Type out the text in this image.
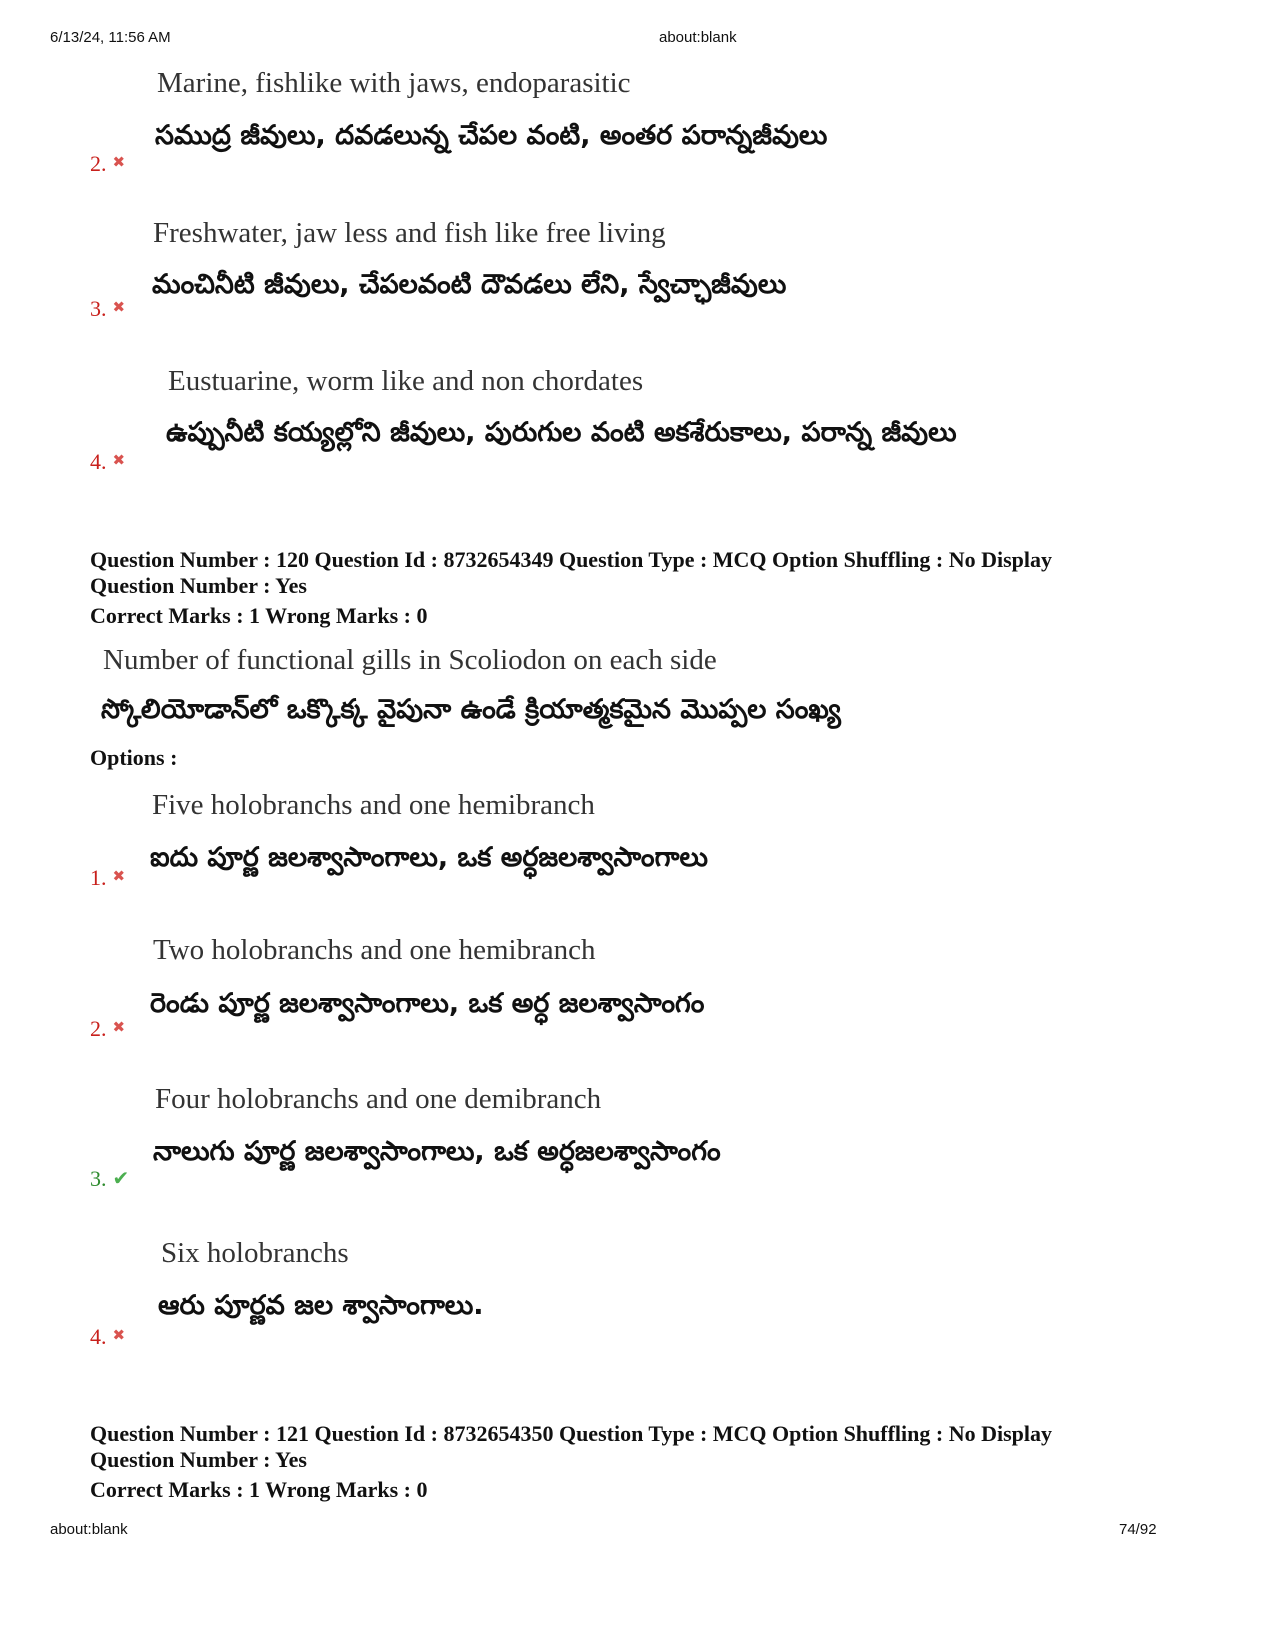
6/13/24, 11:56 AM	about:blank
Marine, fishlike with jaws, endoparasitic
సముద్ర జీవులు, దవడలున్న చేపల వంటి, అంతర పరాన్నజీవులు
2. ✖
Freshwater, jaw less and fish like free living
మంచినీటి జీవులు, చేపలవంటి దౌవడలు లేని, స్వేచ్ఛాజీవులు
3. ✖
Eustuarine, worm like and non chordates
ఉప్పునీటి కయ్యల్లోని జీవులు, పురుగుల వంటి అకశేరుకాలు, పరాన్న జీవులు
4. ✖
Question Number : 120 Question Id : 8732654349 Question Type : MCQ Option Shuffling : No Display
Question Number : Yes
Correct Marks : 1 Wrong Marks : 0
Number of functional gills in Scoliodon on each side
స్కోలియోడాన్‌లో ఒక్కొక్క వైపునా ఉండే క్రియాత్మకమైన మొప్పల సంఖ్య
Options :
Five holobranchs and one hemibranch
ఐదు పూర్ణ జలశ్వాసాంగాలు, ఒక అర్ధజలశ్వాసాంగాలు
1. ✖
Two holobranchs and one hemibranch
రెండు పూర్ణ జలశ్వాసాంగాలు, ఒక అర్ధ జలశ్వాసాంగం
2. ✖
Four holobranchs and one demibranch
నాలుగు పూర్ణ జలశ్వాసాంగాలు, ఒక అర్ధజలశ్వాసాంగం
3. ✔
Six holobranchs
ఆరు పూర్ణవ జల శ్వాసాంగాలు.
4. ✖
Question Number : 121 Question Id : 8732654350 Question Type : MCQ Option Shuffling : No Display
Question Number : Yes
Correct Marks : 1 Wrong Marks : 0
about:blank	74/92
